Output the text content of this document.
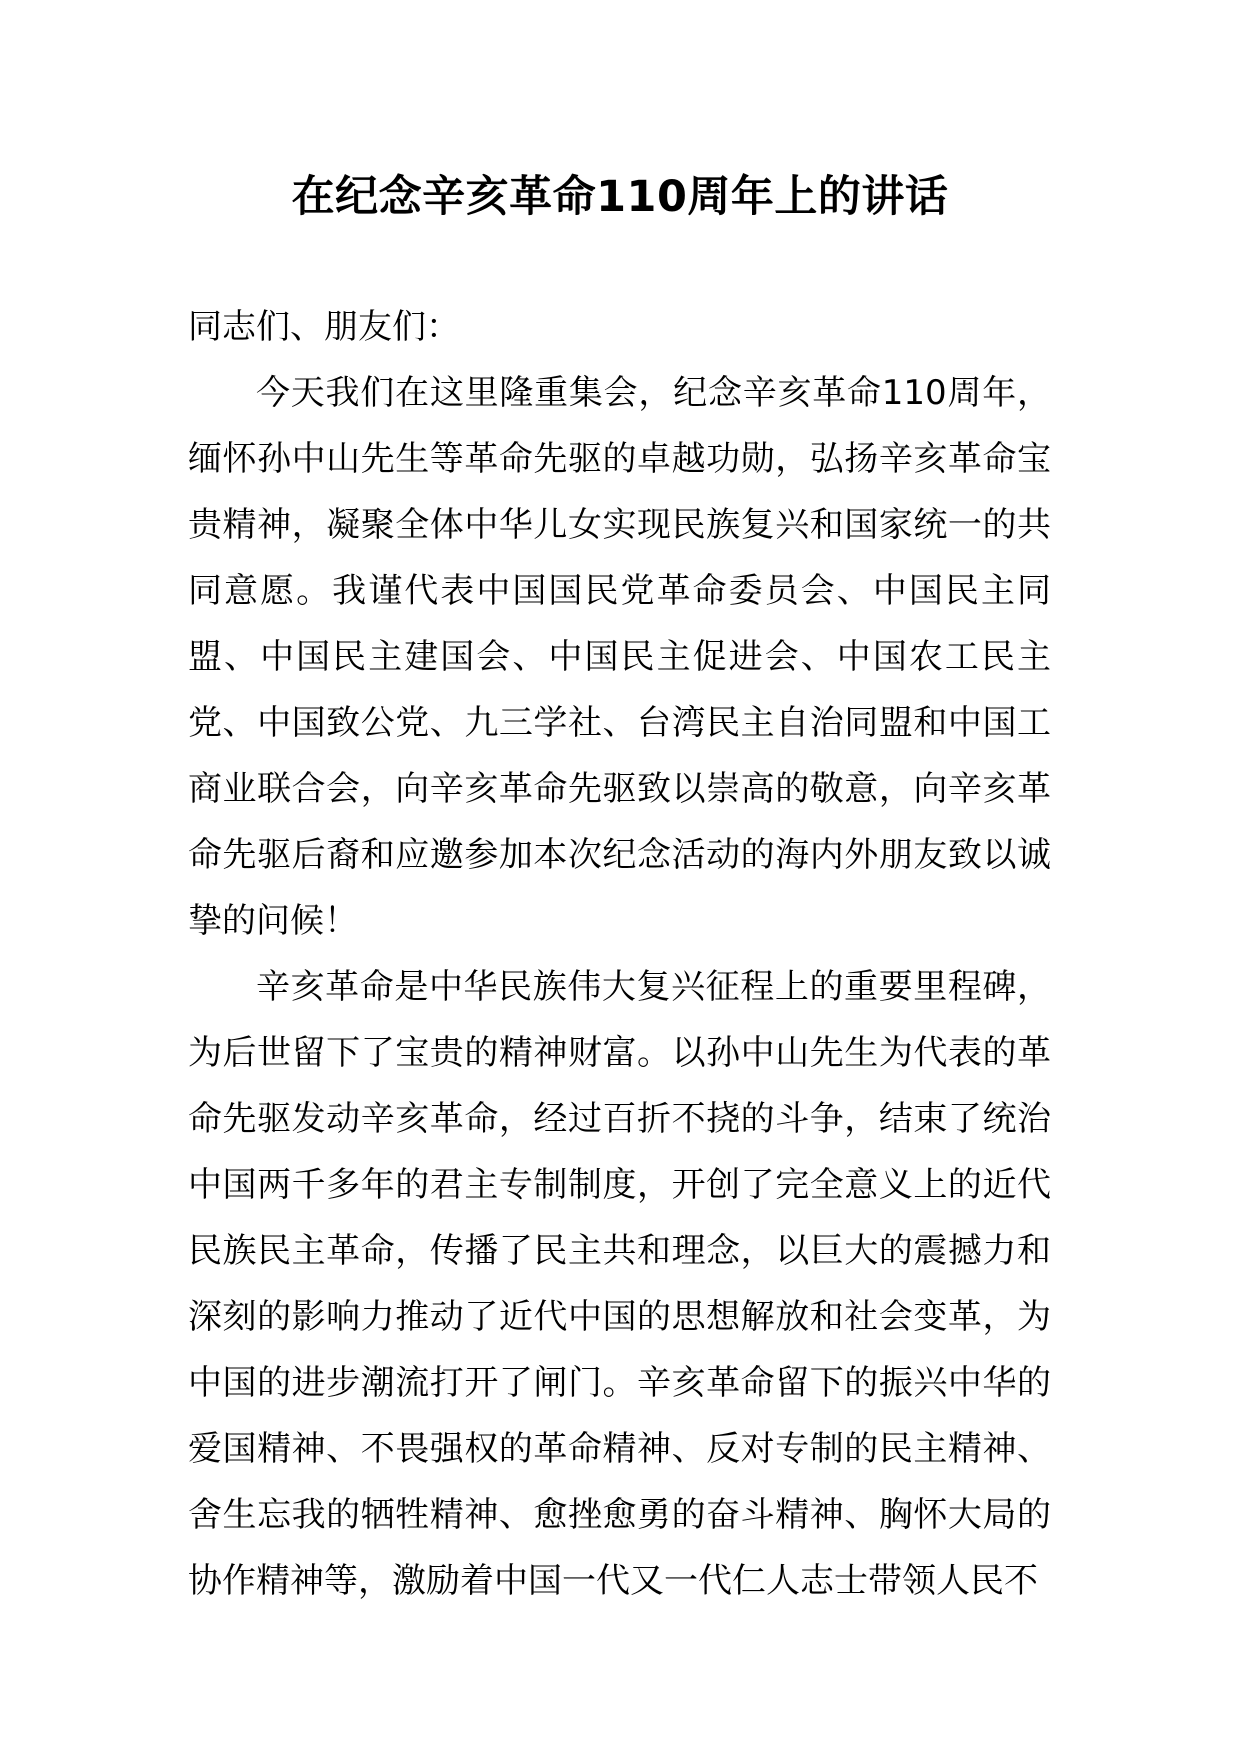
在纪念辛亥革命110周年上的讲话

同志们、朋友们：

今天我们在这里隆重集会，纪念辛亥革命110周年，缅怀孙中山先生等革命先驱的卓越功勋，弘扬辛亥革命宝贵精神，凝聚全体中华儿女实现民族复兴和国家统一的共同意愿。我谨代表中国国民党革命委员会、中国民主同盟、中国民主建国会、中国民主促进会、中国农工民主党、中国致公党、九三学社、台湾民主自治同盟和中国工商业联合会，向辛亥革命先驱致以崇高的敬意，向辛亥革命先驱后裔和应邀参加本次纪念活动的海内外朋友致以诚挚的问候！

辛亥革命是中华民族伟大复兴征程上的重要里程碑，为后世留下了宝贵的精神财富。以孙中山先生为代表的革命先驱发动辛亥革命，经过百折不挠的斗争，结束了统治中国两千多年的君主专制制度，开创了完全意义上的近代民族民主革命，传播了民主共和理念，以巨大的震撼力和深刻的影响力推动了近代中国的思想解放和社会变革，为中国的进步潮流打开了闸门。辛亥革命留下的振兴中华的爱国精神、不畏强权的革命精神、反对专制的民主精神、舍生忘我的牺牲精神、愈挫愈勇的奋斗精神、胸怀大局的协作精神等，激励着中国一代又一代仁人志士带领人民不
